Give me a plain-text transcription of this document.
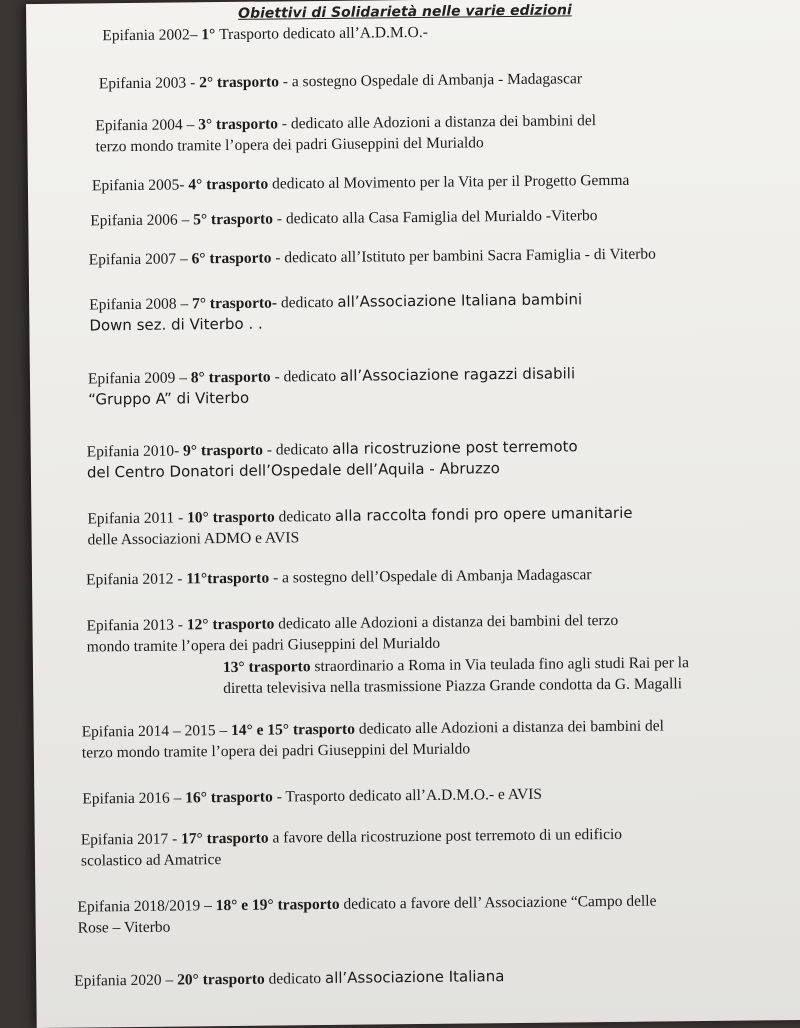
Obiettivi di Solidarietà nelle varie edizioni
Epifania 2002– 1° Trasporto dedicato all’A.D.M.O.-
Epifania 2003 - 2° trasporto - a sostegno Ospedale di Ambanja - Madagascar
Epifania 2004 – 3° trasporto - dedicato alle Adozioni a distanza dei bambini del
terzo mondo tramite l’opera dei padri Giuseppini del Murialdo
Epifania 2005- 4° trasporto dedicato al Movimento per la Vita per il Progetto Gemma
Epifania 2006 – 5° trasporto - dedicato alla Casa Famiglia del Murialdo -Viterbo
Epifania 2007 – 6° trasporto - dedicato all’Istituto per bambini Sacra Famiglia - di Viterbo
Epifania 2008 – 7° trasporto- dedicato all’Associazione Italiana bambini
Down sez. di Viterbo . .
Epifania 2009 – 8° trasporto - dedicato all’Associazione ragazzi disabili
“Gruppo A” di Viterbo
Epifania 2010- 9° trasporto - dedicato alla ricostruzione post terremoto
del Centro Donatori dell’Ospedale dell’Aquila - Abruzzo
Epifania 2011 - 10° trasporto dedicato alla raccolta fondi pro opere umanitarie
delle Associazioni ADMO e AVIS
Epifania 2012 - 11°trasporto - a sostegno dell’Ospedale di Ambanja Madagascar
Epifania 2013 - 12° trasporto dedicato alle Adozioni a distanza dei bambini del terzo
mondo tramite l’opera dei padri Giuseppini del Murialdo
13° trasporto straordinario a Roma in Via teulada fino agli studi Rai per la
diretta televisiva nella trasmissione Piazza Grande condotta da G. Magalli
Epifania 2014 – 2015 – 14° e 15° trasporto dedicato alle Adozioni a distanza dei bambini del
terzo mondo tramite l’opera dei padri Giuseppini del Murialdo
Epifania 2016 – 16° trasporto - Trasporto dedicato all’A.D.M.O.- e AVIS
Epifania 2017 - 17° trasporto a favore della ricostruzione post terremoto di un edificio
scolastico ad Amatrice
Epifania 2018/2019 – 18° e 19° trasporto dedicato a favore dell’ Associazione “Campo delle
Rose – Viterbo
Epifania 2020 – 20° trasporto dedicato all’Associazione Italiana
